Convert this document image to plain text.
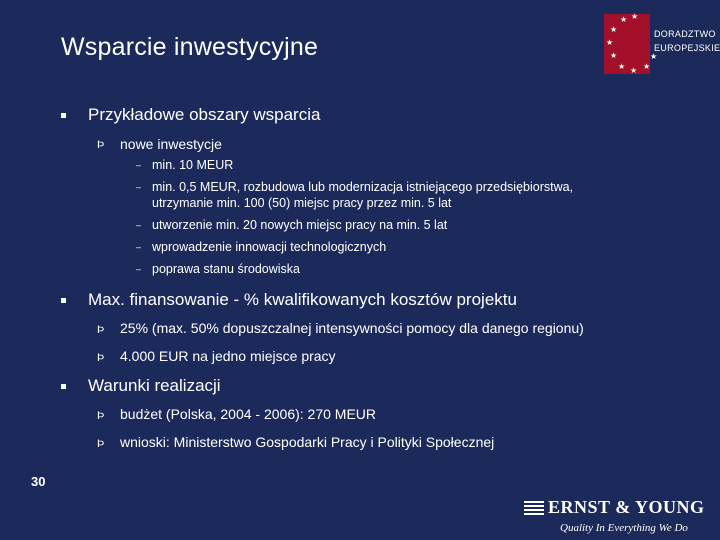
Wsparcie inwestycyjne
★ ★
★
★
★
★ ★ ★
★
DORADZTWO
EUROPEJSKIE
Przykładowe obszary wsparcia
Þ nowe inwestycje
– min. 10 MEUR
– min. 0,5 MEUR, rozbudowa lub modernizacja istniejącego przedsiębiorstwa,
utrzymanie min. 100 (50) miejsc pracy przez min. 5 lat
– utworzenie min. 20 nowych miejsc pracy na min. 5 lat
– wprowadzenie innowacji technologicznych
– poprawa stanu środowiska
Max. finansowanie - % kwalifikowanych kosztów projektu
Þ 25% (max. 50% dopuszczalnej intensywności pomocy dla danego regionu)
Þ 4.000 EUR na jedno miejsce pracy
Warunki realizacji
Þ budżet (Polska, 2004 - 2006): 270 MEUR
Þ wnioski: Ministerstwo Gospodarki Pracy i Polityki Społecznej
30
ERNST & YOUNG
Quality In Everything We Do
